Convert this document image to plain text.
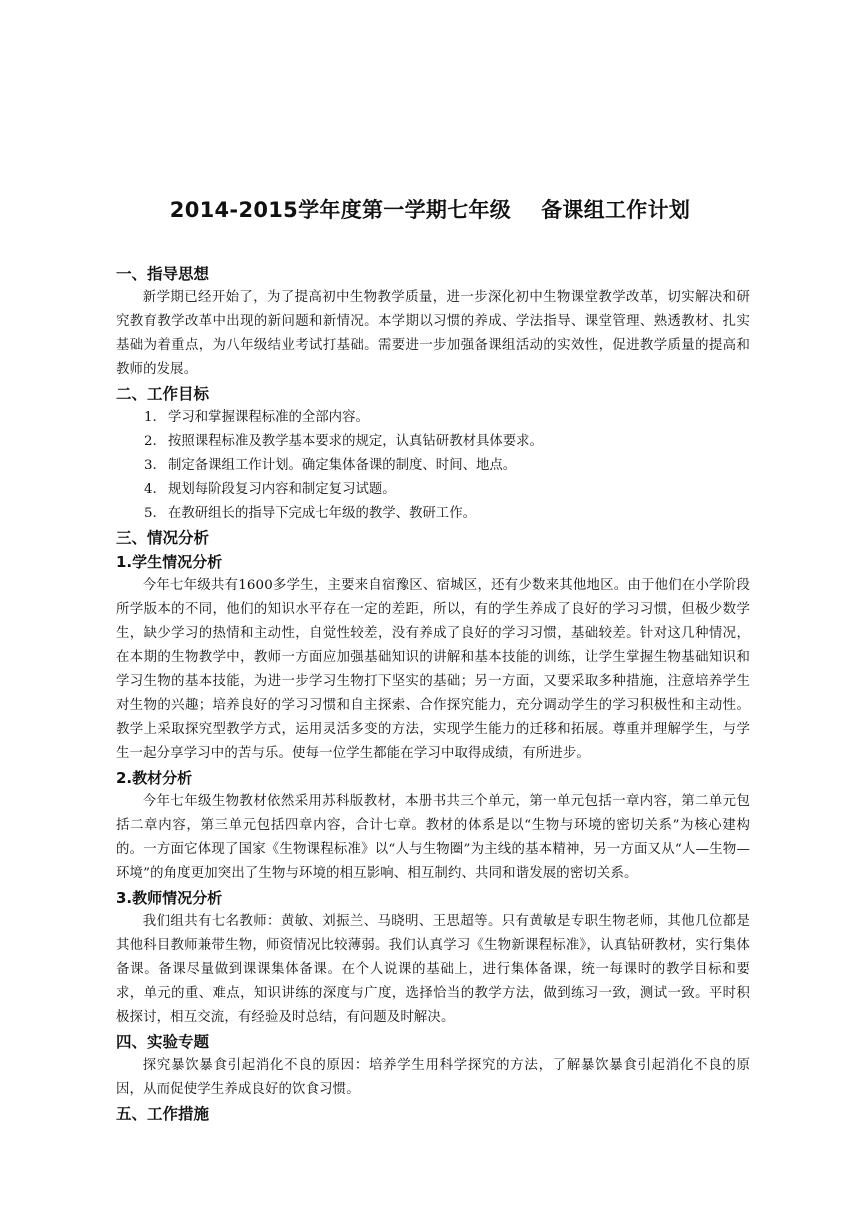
2014-2015学年度第一学期七年级 备课组工作计划
一、指导思想

新学期已经开始了，为了提高初中生物教学质量，进一步深化初中生物课堂教学改革，切实解决和研究教育教学改革中出现的新问题和新情况。本学期以习惯的养成、学法指导、课堂管理、熟透教材、扎实基础为着重点，为八年级结业考试打基础。需要进一步加强备课组活动的实效性，促进教学质量的提高和教师的发展。

二、工作目标
1. 学习和掌握课程标准的全部内容。
2. 按照课程标准及教学基本要求的规定，认真钻研教材具体要求。
3. 制定备课组工作计划。确定集体备课的制度、时间、地点。
4. 规划每阶段复习内容和制定复习试题。
5. 在教研组长的指导下完成七年级的教学、教研工作。
三、情况分析
1.学生情况分析

今年七年级共有1600多学生，主要来自宿豫区、宿城区，还有少数来其他地区。由于他们在小学阶段所学版本的不同，他们的知识水平存在一定的差距，所以，有的学生养成了良好的学习习惯，但极少数学生，缺少学习的热情和主动性，自觉性较差，没有养成了良好的学习习惯，基础较差。针对这几种情况，在本期的生物教学中，教师一方面应加强基础知识的讲解和基本技能的训练，让学生掌握生物基础知识和学习生物的基本技能，为进一步学习生物打下坚实的基础；另一方面，又要采取多种措施，注意培养学生对生物的兴趣；培养良好的学习习惯和自主探索、合作探究能力，充分调动学生的学习积极性和主动性。教学上采取探究型教学方式，运用灵活多变的方法，实现学生能力的迁移和拓展。尊重并理解学生，与学生一起分享学习中的苦与乐。使每一位学生都能在学习中取得成绩，有所进步。

2.教材分析

今年七年级生物教材依然采用苏科版教材，本册书共三个单元，第一单元包括一章内容，第二单元包括二章内容，第三单元包括四章内容，合计七章。教材的体系是以“生物与环境的密切关系”为核心建构的。一方面它体现了国家《生物课程标准》以“人与生物圈”为主线的基本精神，另一方面又从“人—生物—环境”的角度更加突出了生物与环境的相互影响、相互制约、共同和谐发展的密切关系。

3.教师情况分析

我们组共有七名教师：黄敏、刘振兰、马晓明、王思超等。只有黄敏是专职生物老师，其他几位都是其他科目教师兼带生物，师资情况比较薄弱。我们认真学习《生物新课程标准》，认真钻研教材，实行集体备课。备课尽量做到课课集体备课。在个人说课的基础上，进行集体备课，统一每课时的教学目标和要求，单元的重、难点，知识讲练的深度与广度，选择恰当的教学方法，做到练习一致，测试一致。平时积极探讨，相互交流，有经验及时总结，有问题及时解决。

四、实验专题

探究暴饮暴食引起消化不良的原因：培养学生用科学探究的方法，了解暴饮暴食引起消化不良的原因，从而促使学生养成良好的饮食习惯。

五、工作措施
